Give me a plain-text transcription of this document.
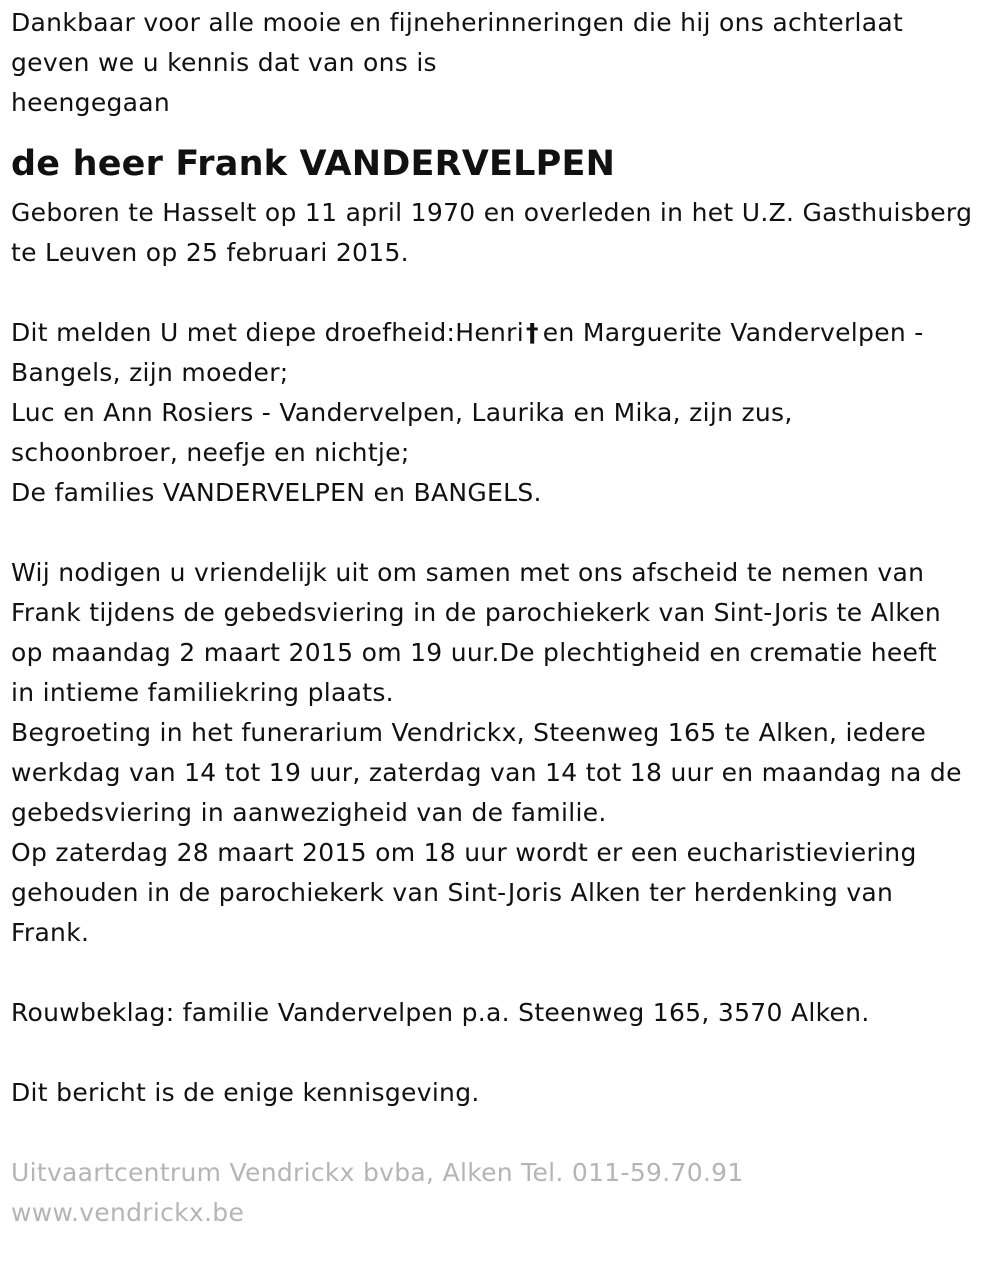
Dankbaar voor alle mooie en fijneherinneringen die hij ons achterlaat
geven we u kennis dat van ons is
heengegaan
de heer Frank VANDERVELPEN
Geboren te Hasselt op 11 april 1970 en overleden in het U.Z. Gasthuisberg
te Leuven op 25 februari 2015.
Dit melden U met diepe droefheid:Henri† en Marguerite Vandervelpen -
Bangels, zijn moeder;
Luc en Ann Rosiers - Vandervelpen, Laurika en Mika, zijn zus,
schoonbroer, neefje en nichtje;
De families VANDERVELPEN en BANGELS.
Wij nodigen u vriendelijk uit om samen met ons afscheid te nemen van
Frank tijdens de gebedsviering in de parochiekerk van Sint-Joris te Alken
op maandag 2 maart 2015 om 19 uur.De plechtigheid en crematie heeft
in intieme familiekring plaats.
Begroeting in het funerarium Vendrickx, Steenweg 165 te Alken, iedere
werkdag van 14 tot 19 uur, zaterdag van 14 tot 18 uur en maandag na de
gebedsviering in aanwezigheid van de familie.
Op zaterdag 28 maart 2015 om 18 uur wordt er een eucharistieviering
gehouden in de parochiekerk van Sint-Joris Alken ter herdenking van
Frank.
Rouwbeklag: familie Vandervelpen p.a. Steenweg 165, 3570 Alken.
Dit bericht is de enige kennisgeving.
Uitvaartcentrum Vendrickx bvba, Alken Tel. 011-59.70.91
www.vendrickx.be
